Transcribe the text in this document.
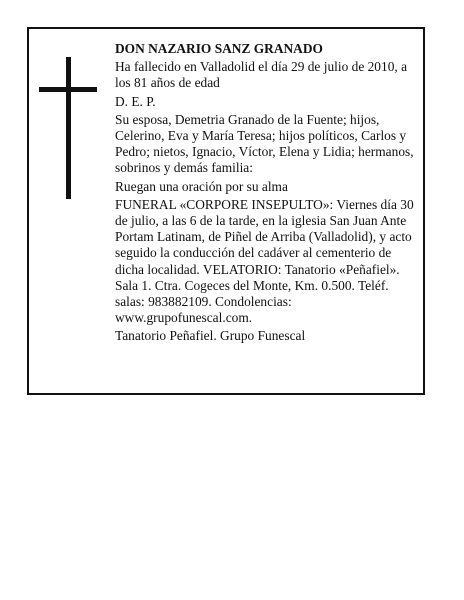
DON NAZARIO SANZ GRANADO

Ha fallecido en Valladolid el día 29 de julio de 2010, a los 81 años de edad

D. E. P.

Su esposa, Demetria Granado de la Fuente; hijos, Celerino, Eva y María Teresa; hijos políticos, Carlos y Pedro; nietos, Ignacio, Víctor, Elena y Lidia; hermanos, sobrinos y demás familia:

Ruegan una oración por su alma

FUNERAL «CORPORE INSEPULTO»: Viernes día 30 de julio, a las 6 de la tarde, en la iglesia San Juan Ante Portam Latinam, de Piñel de Arriba (Valladolid), y acto seguido la conducción del cadáver al cementerio de dicha localidad. VELATORIO: Tanatorio «Peñafiel». Sala 1. Ctra. Cogeces del Monte, Km. 0.500. Teléf. salas: 983882109. Condolencias: www.grupofunescal.com.

Tanatorio Peñafiel. Grupo Funescal
